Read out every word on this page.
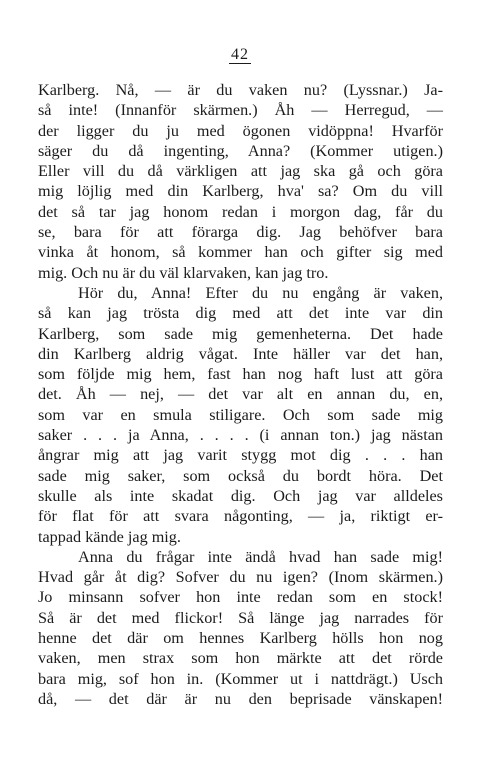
42
Karlberg. Nå, — är du vaken nu? (Lyssnar.) Ja-
så inte! (Innanför skärmen.) Åh — Herregud, —
der ligger du ju med ögonen vidöppna! Hvarför
säger du då ingenting, Anna? (Kommer utigen.)
Eller vill du då värkligen att jag ska gå och göra
mig löjlig med din Karlberg, hva' sa? Om du vill
det så tar jag honom redan i morgon dag, får du
se, bara för att förarga dig. Jag behöfver bara
vinka åt honom, så kommer han och gifter sig med
mig. Och nu är du väl klarvaken, kan jag tro.
Hör du, Anna! Efter du nu engång är vaken,
så kan jag trösta dig med att det inte var din
Karlberg, som sade mig gemenheterna. Det hade
din Karlberg aldrig vågat. Inte häller var det han,
som följde mig hem, fast han nog haft lust att göra
det. Åh — nej, — det var alt en annan du, en,
som var en smula stiligare. Och som sade mig
saker . . . ja Anna, . . . . (i annan ton.) jag nästan
ångrar mig att jag varit stygg mot dig . . . han
sade mig saker, som också du bordt höra. Det
skulle als inte skadat dig. Och jag var alldeles
för flat för att svara någonting, — ja, riktigt er-
tappad kände jag mig.
Anna du frågar inte ändå hvad han sade mig!
Hvad går åt dig? Sofver du nu igen? (Inom skärmen.)
Jo minsann sofver hon inte redan som en stock!
Så är det med flickor! Så länge jag narrades för
henne det där om hennes Karlberg hölls hon nog
vaken, men strax som hon märkte att det rörde
bara mig, sof hon in. (Kommer ut i nattdrägt.) Usch
då, — det där är nu den beprisade vänskapen!
